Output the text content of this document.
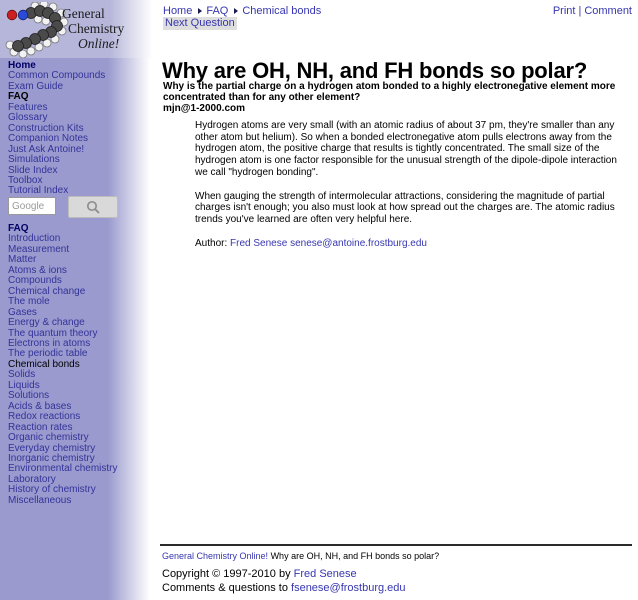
General
Chemistry
Online!
Home
Common Compounds
Exam Guide
FAQ
Features
Glossary
Construction Kits
Companion Notes
Just Ask Antoine!
Simulations
Slide Index
Toolbox
Tutorial Index
Google
FAQ
Introduction
Measurement
Matter
Atoms & ions
Compounds
Chemical change
The mole
Gases
Energy & change
The quantum theory
Electrons in atoms
The periodic table
Chemical bonds
Solids
Liquids
Solutions
Acids & bases
Redox reactions
Reaction rates
Organic chemistry
Everyday chemistry
Inorganic chemistry
Environmental chemistry
Laboratory
History of chemistry
Miscellaneous
Home FAQ Chemical bonds	Print | Comment
Next Question
Why are OH, NH, and FH bonds so polar?
Why is the partial charge on a hydrogen atom bonded to a highly electronegative element more concentrated than for any other element?
mjn@1-2000.com

Hydrogen atoms are very small (with an atomic radius of about 37 pm, they're smaller than any other atom but helium). So when a bonded electronegative atom pulls electrons away from the hydrogen atom, the positive charge that results is tightly concentrated. The small size of the hydrogen atom is one factor responsible for the unusual strength of the dipole-dipole interaction we call "hydrogen bonding".

When gauging the strength of intermolecular attractions, considering the magnitude of partial charges isn't enough; you also must look at how spread out the charges are. The atomic radius trends you've learned are often very helpful here.

Author: Fred Senese senese@antoine.frostburg.edu
General Chemistry Online! Why are OH, NH, and FH bonds so polar?
Copyright © 1997-2010 by Fred Senese
Comments & questions to fsenese@frostburg.edu
